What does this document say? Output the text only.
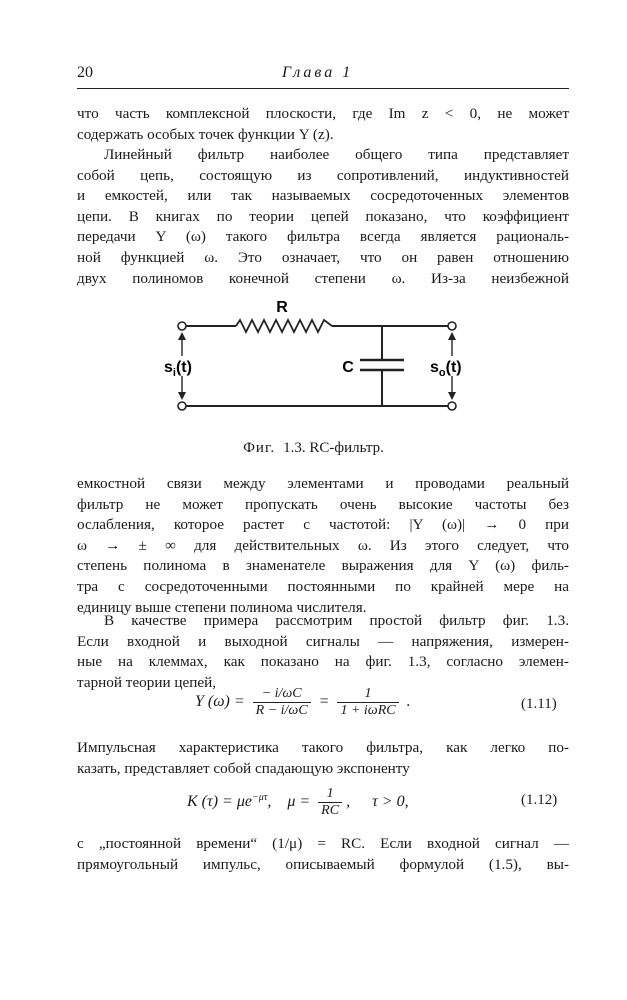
20	Глава 1
что часть комплексной плоскости, где Im z < 0, не может
содержать особых точек функции Y (z).
Линейный фильтр наиболее общего типа представляет
собой цепь, состоящую из сопротивлений, индуктивностей
и емкостей, или так называемых сосредоточенных элементов
цепи. В книгах по теории цепей показано, что коэффициент
передачи Y (ω) такого фильтра всегда является рациональ-
ной функцией ω. Это означает, что он равен отношению
двух полиномов конечной степени ω. Из-за неизбежной
R
C
$s_i(t)$	$s_o(t)$
Фиг. 1.3. RC-фильтр.
емкостной связи между элементами и проводами реальный
фильтр не может пропускать очень высокие частоты без
ослабления, которое растет с частотой: |Y (ω)| → 0 при
ω → ± ∞ для действительных ω. Из этого следует, что
степень полинома в знаменателе выражения для Y (ω) филь-
тра с сосредоточенными постоянными по крайней мере на
единицу выше степени полинома числителя.
В качестве примера рассмотрим простой фильтр фиг. 1.3.
Если входной и выходной сигналы — напряжения, измерен-
ные на клеммах, как показано на фиг. 1.3, согласно элемен-
тарной теории цепей,
Y $(\omega) = \frac{- i/\omega C}{R - i/\omega C} = \frac{1}{\text{1 + iωRC}}$ .	(1.11)
Импульсная характеристика такого фильтра, как легко по-
казать, представляет собой спадающую экспоненту
K $(\tau) = \mu e^{-\mu\tau}$, $\mu = \frac{1}{RC}$ , τ > 0,	(1.12)
с „постоянной времени“ (1/μ) = RC. Если входной сигнал —
прямоугольный импульс, описываемый формулой (1.5), вы-
